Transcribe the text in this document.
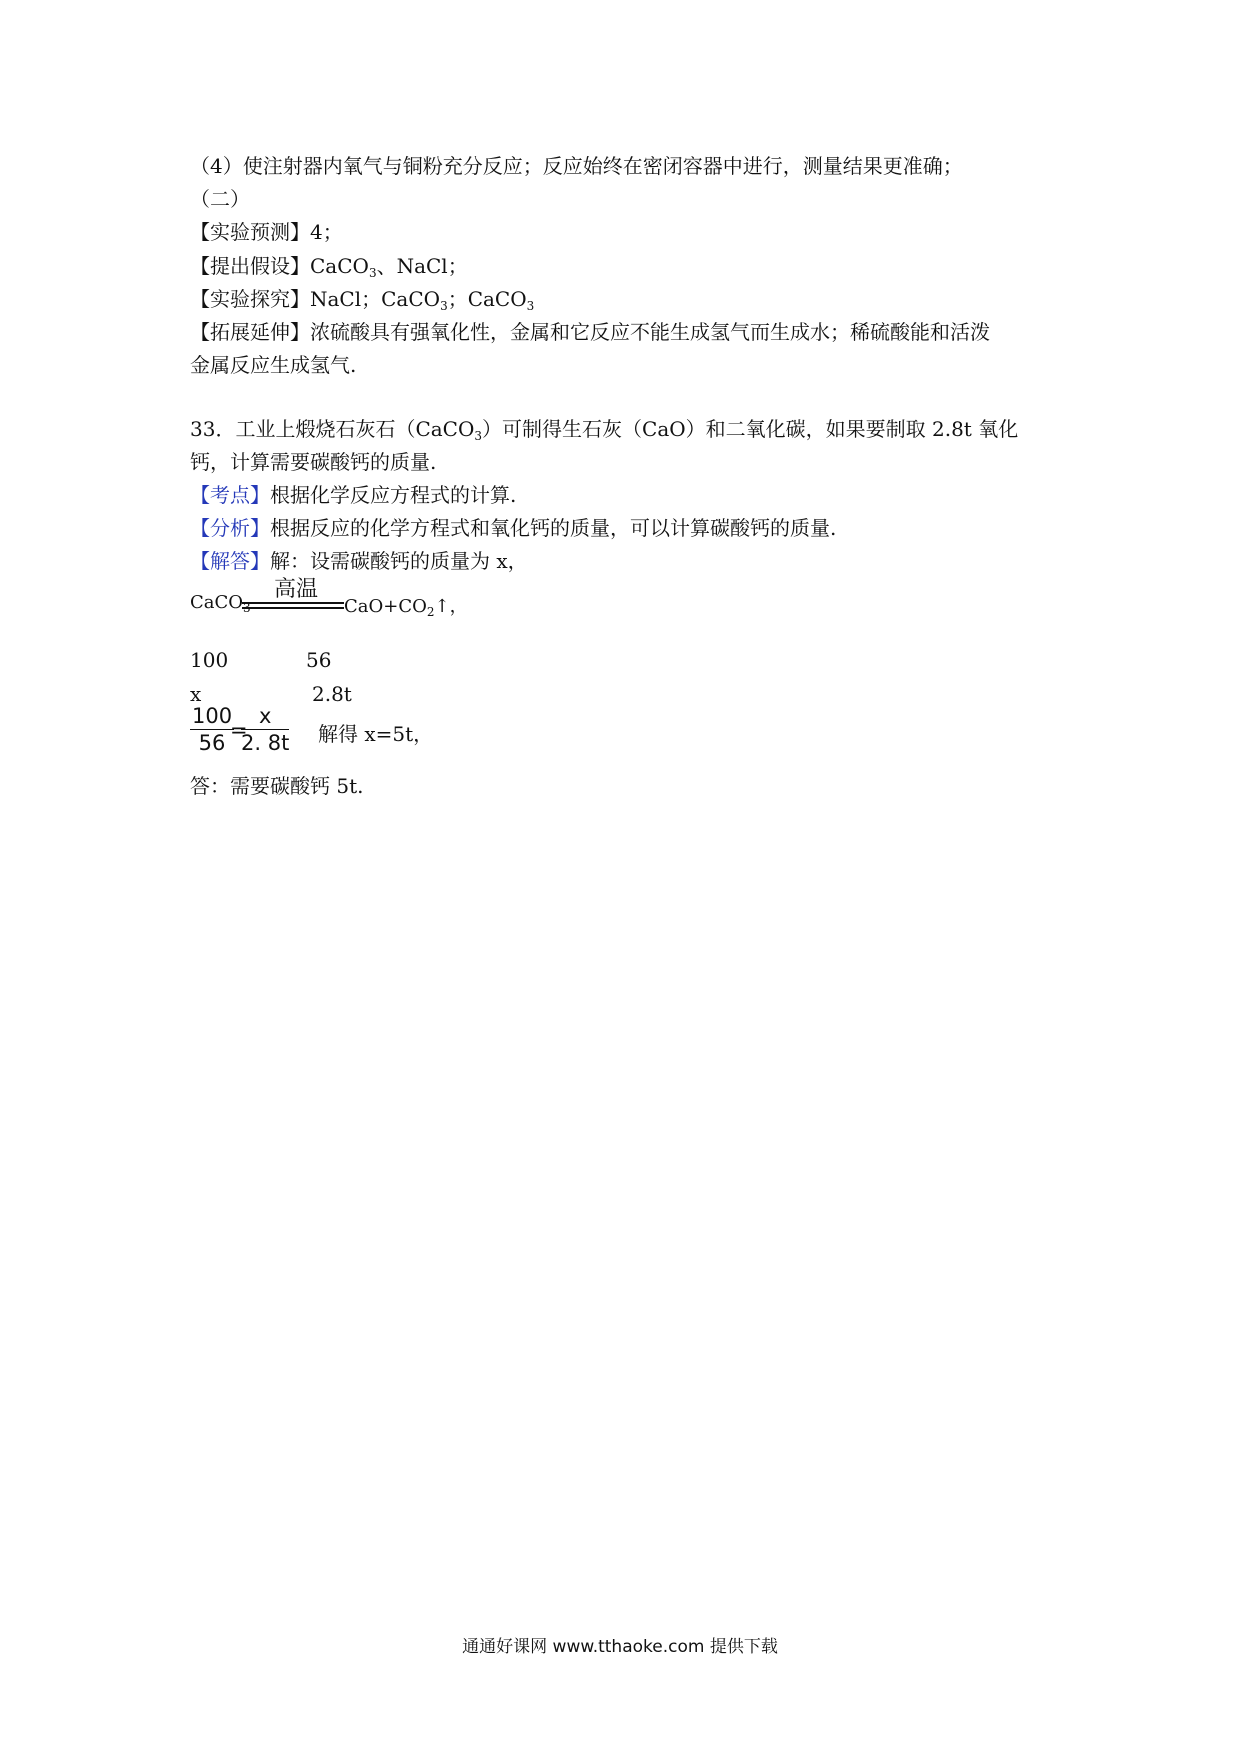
（4）使注射器内氧气与铜粉充分反应；反应始终在密闭容器中进行，测量结果更准确；
（二）
【实验预测】4；
【提出假设】CaCO$_3$、NaCl；
【实验探究】NaCl；CaCO$_3$；CaCO$_3$
【拓展延伸】浓硫酸具有强氧化性，金属和它反应不能生成氢气而生成水；稀硫酸能和活泼
金属反应生成氢气.
33．工业上煅烧石灰石（CaCO$_3$）可制得生石灰（CaO）和二氧化碳，如果要制取 2.8t 氧化
钙，计算需要碳酸钙的质量.
【考点】根据化学反应方程式的计算.
【分析】根据反应的化学方程式和氧化钙的质量，可以计算碳酸钙的质量.
【解答】解：设需碳酸钙的质量为 x，
CaCO$_3$
高温
$CaO+CO_2↑$，
100	56
x	2.8t
$\frac{100}{56}$
=
$\frac{x}{2. 8t}$ 解得 x=5t，
答：需要碳酸钙 5t.
通通好课网 www.tthaoke.com 提供下载
